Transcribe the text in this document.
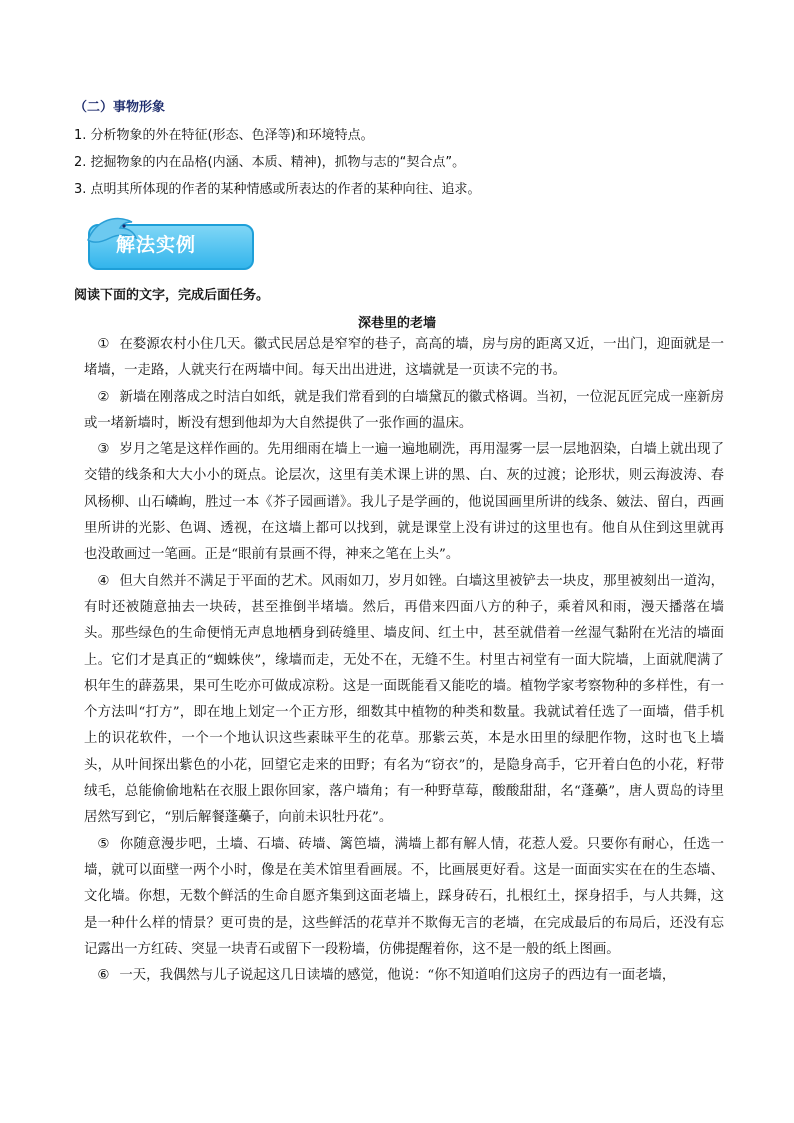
（二）事物形象
1. 分析物象的外在特征(形态、色泽等)和环境特点。
2. 挖掘物象的内在品格(内涵、本质、精神)，抓物与志的“契合点”。
3. 点明其所体现的作者的某种情感或所表达的作者的某种向往、追求。
解法实例
阅读下面的文字，完成后面任务。
深巷里的老墙

① 在婺源农村小住几天。徽式民居总是窄窄的巷子，高高的墙，房与房的距离又近，一出门，迎面就是一堵墙，一走路，人就夹行在两墙中间。每天出出进进，这墙就是一页读不完的书。

② 新墙在刚落成之时洁白如纸，就是我们常看到的白墙黛瓦的徽式格调。当初，一位泥瓦匠完成一座新房或一堵新墙时，断没有想到他却为大自然提供了一张作画的温床。

③ 岁月之笔是这样作画的。先用细雨在墙上一遍一遍地刷洗，再用湿雾一层一层地泅染，白墙上就出现了交错的线条和大大小小的斑点。论层次，这里有美术课上讲的黑、白、灰的过渡；论形状，则云海波涛、春风杨柳、山石嶙峋，胜过一本《芥子园画谱》。我儿子是学画的，他说国画里所讲的线条、皴法、留白，西画里所讲的光影、色调、透视，在这墙上都可以找到，就是课堂上没有讲过的这里也有。他自从住到这里就再也没敢画过一笔画。正是“眼前有景画不得，神来之笔在上头”。

④ 但大自然并不满足于平面的艺术。风雨如刀，岁月如锉。白墙这里被铲去一块皮，那里被刻出一道沟，有时还被随意抽去一块砖，甚至推倒半堵墙。然后，再借来四面八方的种子，乘着风和雨，漫天播落在墙头。那些绿色的生命便悄无声息地栖身到砖缝里、墙皮间、红土中，甚至就借着一丝湿气黏附在光洁的墙面上。它们才是真正的“蜘蛛侠”，缘墙而走，无处不在，无缝不生。村里古祠堂有一面大院墙，上面就爬满了枳年生的薜荔果，果可生吃亦可做成凉粉。这是一面既能看又能吃的墙。植物学家考察物种的多样性，有一个方法叫“打方”，即在地上划定一个正方形，细数其中植物的种类和数量。我就试着任选了一面墙，借手机上的识花软件，一个一个地认识这些素昧平生的花草。那紫云英，本是水田里的绿肥作物，这时也飞上墙头，从叶间探出紫色的小花，回望它走来的田野；有名为“窃衣”的，是隐身高手，它开着白色的小花，籽带绒毛，总能偷偷地粘在衣服上跟你回家，落户墙角；有一种野草莓，酸酸甜甜，名“蓬蘽”，唐人贾岛的诗里居然写到它，“别后解餐蓬蘽子，向前未识牡丹花”。

⑤ 你随意漫步吧，土墙、石墙、砖墙、篱笆墙，满墙上都有解人情，花惹人爱。只要你有耐心，任选一墙，就可以面壁一两个小时，像是在美术馆里看画展。不，比画展更好看。这是一面面实实在在的生态墙、文化墙。你想，无数个鲜活的生命自愿齐集到这面老墙上，踩身砖石，扎根红土，探身招手，与人共舞，这是一种什么样的情景？更可贵的是，这些鲜活的花草并不欺侮无言的老墙，在完成最后的布局后，还没有忘记露出一方红砖、突显一块青石或留下一段粉墙，仿佛提醒着你，这不是一般的纸上图画。

⑥ 一天，我偶然与儿子说起这几日读墙的感觉，他说：“你不知道咱们这房子的西边有一面老墙，
